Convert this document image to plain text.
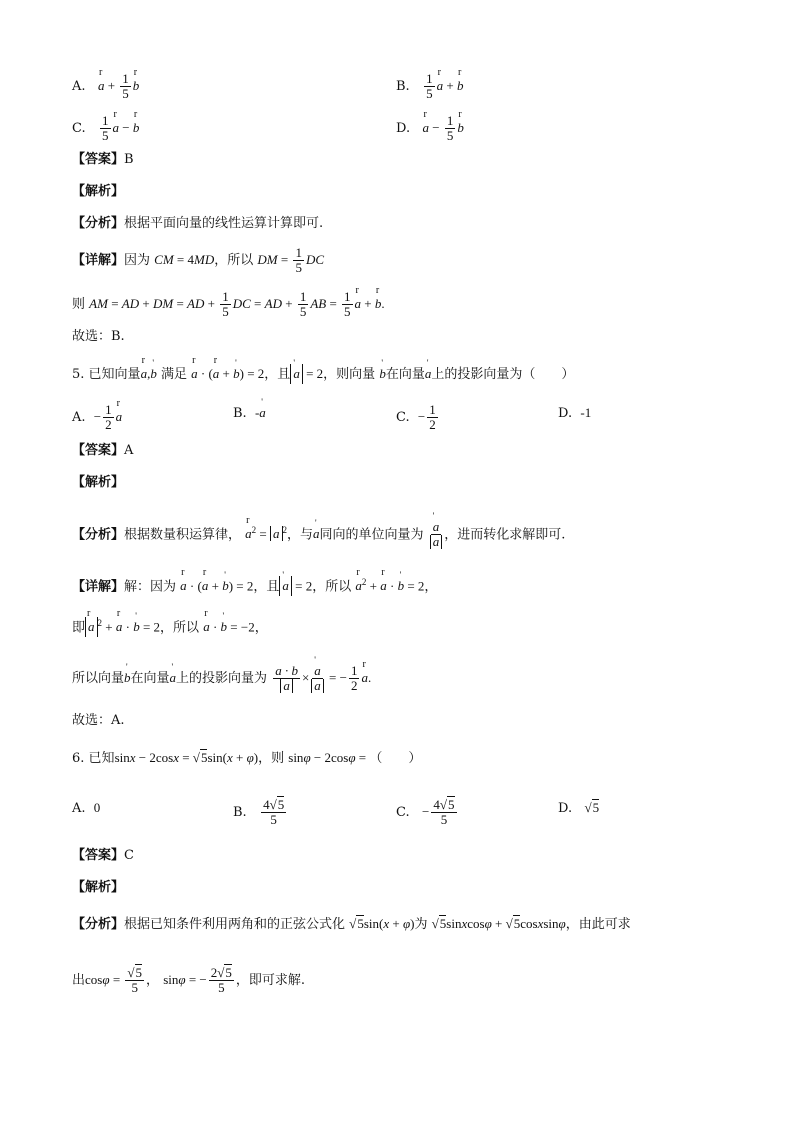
A. r $a + \frac{1}{5}$ r b	B. $\frac{1}{5}$ r a + r b
C. $\frac{1}{5}$ r a − r b	D. r $a - \frac{1}{5}$ r b
【答案】B
【解析】
【分析】根据平面向量的线性运算计算即可.
【详解】因为 CM = 4MD，所以 DM = $\frac{1}{5}$ DC
则 AM = AD + DM = AD + $\frac{1}{5}$ DC = AD + $\frac{1}{5}$ AB = $\frac{1}{5}$ r a + r b.
故选：B.
5. 已知向量r a,' b 满足 r a · (r a + ' b) = 2，且 ' a = 2，则向量 ' b在向量' a上的投影向量为（　　）
A. − $\frac{1}{2}$ r a	B. -' a	C. − $\frac{1}{2}$	D. -1
【答案】A
【解析】
【分析】根据数量积运算律， r $a^2 = a$ $^2$，与' a同向的单位向量为 ' $\frac{a}{a}$ ，进而转化求解即可.
【详解】解：因为 r a · (r a + ' b) = 2，且 ' a = 2，所以 r $a^2 + r$ a · ' b = 2，
即 r a $^2$ + r a · ' b = 2，所以 r a · ' b = −2，
所以向量' b在向量' a上的投影向量为 $\frac{a \cdot b}{a}$ × ' $\frac{a}{a}$ = − $\frac{1}{2}$ r a.
故选：A.
6. 已知sinx − 2cosx = √5sin(x + φ)，则 sinφ − 2cosφ = （　　）
A. 0	B. $\frac{4√5}{5}$	C. − $\frac{4√5}{5}$	D. √5
【答案】C
【解析】
【分析】根据已知条件利用两角和的正弦公式化 √5sin(x + φ)为 √5sinxcosφ + √5cosxsinφ，由此可求
出$\cos\varphi = \frac{√5}{5}$ ， sinφ = − $\frac{2√5}{5}$ ，即可求解.
